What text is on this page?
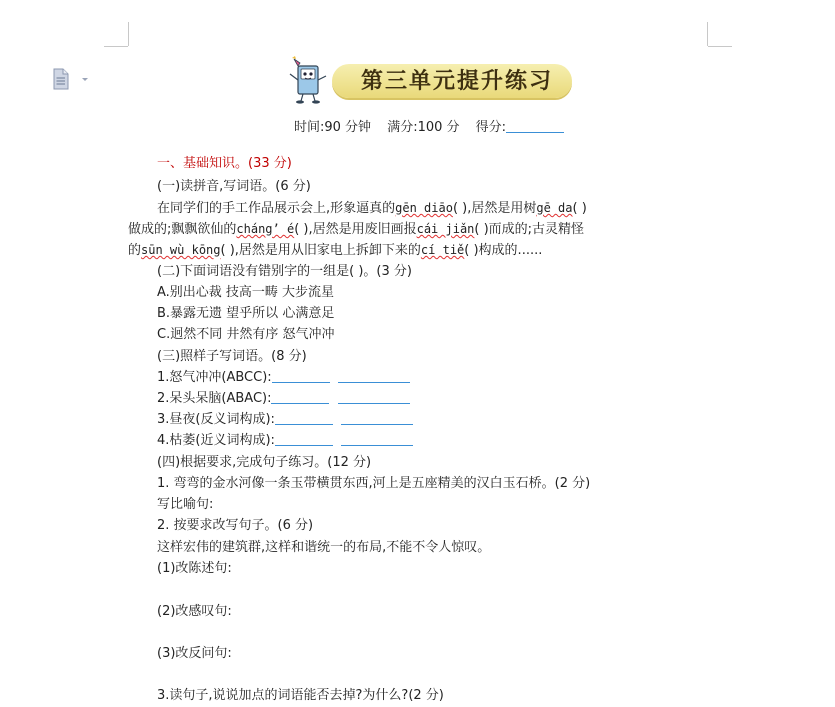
第三单元提升练习
时间:90 分钟 满分:100 分 得分:
一、基础知识。(33 分)
(一)读拼音,写词语。(6 分)
在同学们的手工作品展示会上,形象逼真的gēn diāo( ),居然是用树gē da( )
做成的;飘飘欲仙的cháng’ é( ),居然是用废旧画报cái jiǎn( )而成的;古灵精怪
的sūn wù kōng( ),居然是用从旧家电上拆卸下来的cí tiě( )构成的......
(二)下面词语没有错别字的一组是( )。(3 分)
A.别出心裁 技高一畴 大步流星
B.暴露无遗 望乎所以 心满意足
C.迥然不同 井然有序 怒气冲冲
(三)照样子写词语。(8 分)
1.怒气冲冲(ABCC):
2.呆头呆脑(ABAC):
3.昼夜(反义词构成):
4.枯萎(近义词构成):
(四)根据要求,完成句子练习。(12 分)
1. 弯弯的金水河像一条玉带横贯东西,河上是五座精美的汉白玉石桥。(2 分)
写比喻句:
2. 按要求改写句子。(6 分)
这样宏伟的建筑群,这样和谐统一的布局,不能不令人惊叹。
(1)改陈述句:
(2)改感叹句:
(3)改反问句:
3.读句子,说说加点的词语能否去掉?为什么?(2 分)
